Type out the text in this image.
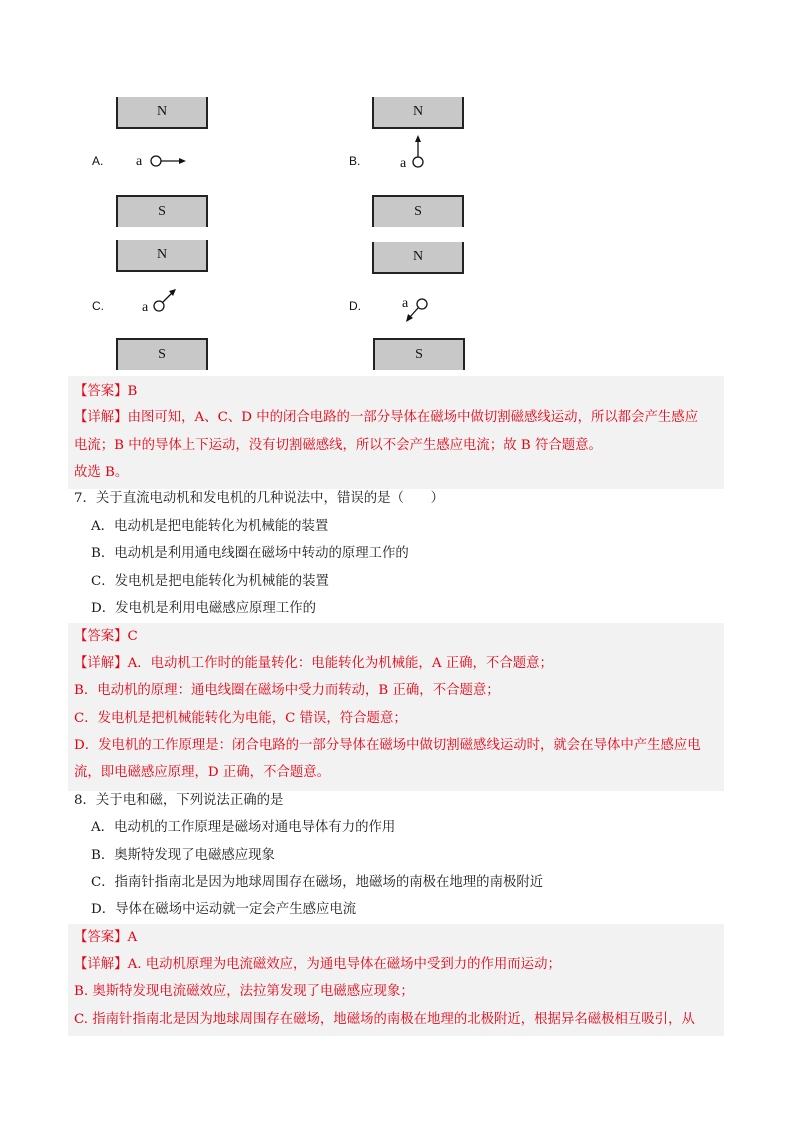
N
A. a
S
N
B.	a
S
N
C.	a
S
N
D.	a
S
【答案】B
【详解】由图可知，A、C、D 中的闭合电路的一部分导体在磁场中做切割磁感线运动，所以都会产生感应
电流；B 中的导体上下运动，没有切割磁感线，所以不会产生感应电流；故 B 符合题意。
故选 B。
7．关于直流电动机和发电机的几种说法中，错误的是（　　）
A．电动机是把电能转化为机械能的装置
B．电动机是利用通电线圈在磁场中转动的原理工作的
C．发电机是把电能转化为机械能的装置
D．发电机是利用电磁感应原理工作的
【答案】C
【详解】A．电动机工作时的能量转化：电能转化为机械能，A 正确，不合题意；
B．电动机的原理：通电线圈在磁场中受力而转动，B 正确，不合题意；
C．发电机是把机械能转化为电能，C 错误，符合题意；
D．发电机的工作原理是：闭合电路的一部分导体在磁场中做切割磁感线运动时，就会在导体中产生感应电
流，即电磁感应原理，D 正确，不合题意。
8．关于电和磁，下列说法正确的是
A．电动机的工作原理是磁场对通电导体有力的作用
B．奥斯特发现了电磁感应现象
C．指南针指南北是因为地球周围存在磁场，地磁场的南极在地理的南极附近
D．导体在磁场中运动就一定会产生感应电流
【答案】A
【详解】A. 电动机原理为电流磁效应，为通电导体在磁场中受到力的作用而运动；
B. 奥斯特发现电流磁效应，法拉第发现了电磁感应现象；
C. 指南针指南北是因为地球周围存在磁场，地磁场的南极在地理的北极附近，根据异名磁极相互吸引，从
